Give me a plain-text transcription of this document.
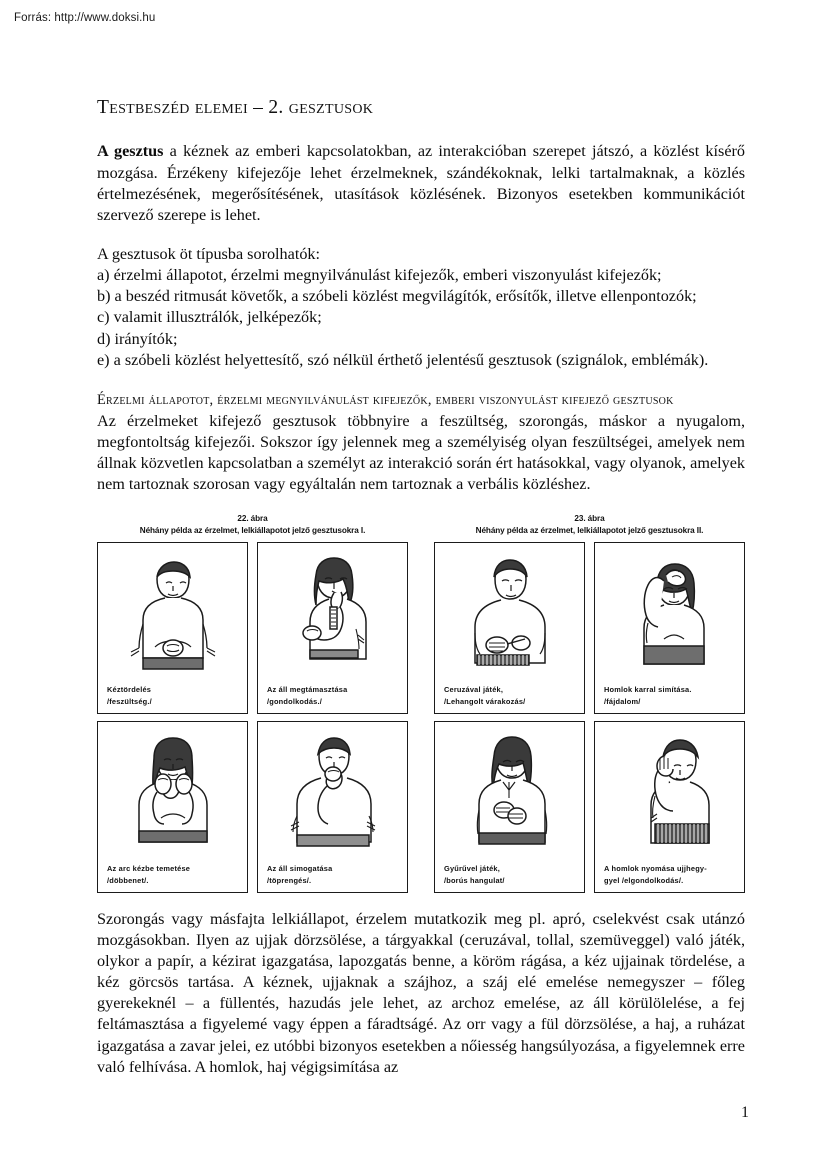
Forrás: http://www.doksi.hu
Testbeszéd elemei – 2. gesztusok

A gesztus a kéznek az emberi kapcsolatokban, az interakcióban szerepet játszó, a közlést kísérő mozgása. Érzékeny kifejezője lehet érzelmeknek, szándékoknak, lelki tartalmaknak, a közlés értelmezésének, megerősítésének, utasítások közlésének. Bizonyos esetekben kommunikációt szervező szerepe is lehet.

A gesztusok öt típusba sorolhatók:
a) érzelmi állapotot, érzelmi megnyilvánulást kifejezők, emberi viszonyulást kifejezők;
b) a beszéd ritmusát követők, a szóbeli közlést megvilágítók, erősítők, illetve ellenpontozók;
c) valamit illusztrálók, jelképezők;
d) irányítók;
e) a szóbeli közlést helyettesítő, szó nélkül érthető jelentésű gesztusok (szignálok, emblémák).
Érzelmi állapotot, érzelmi megnyilvánulást kifejezők, emberi viszonyulást kifejező gesztusok

Az érzelmeket kifejező gesztusok többnyire a feszültség, szorongás, máskor a nyugalom, megfontoltság kifejezői. Sokszor így jelennek meg a személyiség olyan feszültségei, amelyek nem állnak közvetlen kapcsolatban a személyt az interakció során ért hatásokkal, vagy olyanok, amelyek nem tartoznak szorosan vagy egyáltalán nem tartoznak a verbális közléshez.

22. ábra
Néhány példa az érzelmet, lelkiállapotot jelző gesztusokra I.
Kéztördelés
/feszültség./
Az áll megtámasztása
/gondolkodás./
Az arc kézbe temetése
/döbbenet/.
Az áll simogatása
/töprengés/.
23. ábra
Néhány példa az érzelmet, lelkiállapotot jelző gesztusokra II.
Ceruzával játék,
/Lehangolt várakozás/
Homlok karral simítása.
/fájdalom/
Gyűrűvel játék,
/borús hangulat/
A homlok nyomása ujjhegy-
gyel /elgondolkodás/.

Szorongás vagy másfajta lelkiállapot, érzelem mutatkozik meg pl. apró, cselekvést csak utánzó mozgásokban. Ilyen az ujjak dörzsölése, a tárgyakkal (ceruzával, tollal, szemüveggel) való játék, olykor a papír, a kézirat igazgatása, lapozgatás benne, a köröm rágása, a kéz ujjainak tördelése, a kéz görcsös tartása. A kéznek, ujjaknak a szájhoz, a száj elé emelése nemegyszer – főleg gyerekeknél – a füllentés, hazudás jele lehet, az archoz emelése, az áll körülölelése, a fej feltámasztása a figyelemé vagy éppen a fáradtságé. Az orr vagy a fül dörzsölése, a haj, a ruházat igazgatása a zavar jelei, ez utóbbi bizonyos esetekben a nőiesség hangsúlyozása, a figyelemnek erre való felhívása. A homlok, haj végigsimítása az

1
